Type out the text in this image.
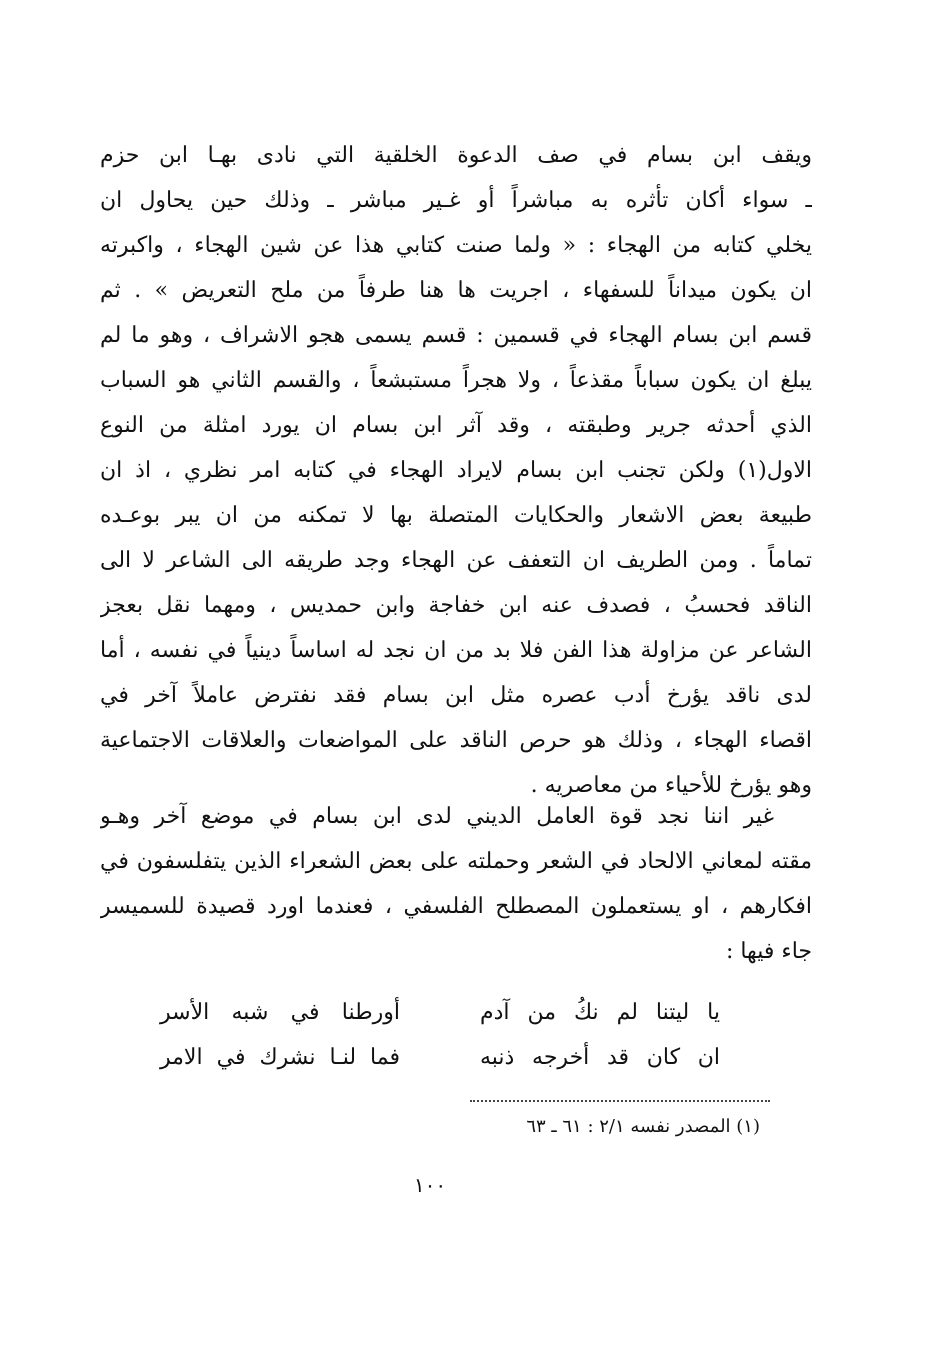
ويقف ابن بسام في صف الدعوة الخلقية التي نادى بهـا ابن حزم
ـ سواء أكان تأثره به مباشراً أو غـير مباشر ـ وذلك حين يحاول ان
يخلي كتابه من الهجاء : « ولما صنت كتابي هذا عن شين الهجاء ، واكبرته
ان يكون ميداناً للسفهاء ، اجريت ها هنا طرفاً من ملح التعريض » . ثم
قسم ابن بسام الهجاء في قسمين : قسم يسمى هجو الاشراف ، وهو ما لم
يبلغ ان يكون سباباً مقذعاً ، ولا هجراً مستبشعاً ، والقسم الثاني هو السباب
الذي أحدثه جرير وطبقته ، وقد آثر ابن بسام ان يورد امثلة من النوع
الاول(١) ولكن تجنب ابن بسام لايراد الهجاء في كتابه امر نظري ، اذ ان
طبيعة بعض الاشعار والحكايات المتصلة بها لا تمكنه من ان يبر بوعـده
تماماً . ومن الطريف ان التعفف عن الهجاء وجد طريقه الى الشاعر لا الى
الناقد فحسبُ ، فصدف عنه ابن خفاجة وابن حمديس ، ومهما نقل بعجز
الشاعر عن مزاولة هذا الفن فلا بد من ان نجد له اساساً دينياً في نفسه ، أما
لدى ناقد يؤرخ أدب عصره مثل ابن بسام فقد نفترض عاملاً آخر في
اقصاء الهجاء ، وذلك هو حرص الناقد على المواضعات والعلاقات الاجتماعية
وهو يؤرخ للأحياء من معاصريه .
غير اننا نجد قوة العامل الديني لدى ابن بسام في موضع آخر وهـو
مقته لمعاني الالحاد في الشعر وحملته على بعض الشعراء الذين يتفلسفون في
افكارهم ، او يستعملون المصطلح الفلسفي ، فعندما اورد قصيدة للسميسر
جاء فيها :
يا ليتنا لم نكُ من آدم
أورطنا في شبه الأسر
ان كان قد أخرجه ذنبه
فما لنـا نشرك في الامر
(١) المصدر نفسه ٢/١ : ٦١ ـ ٦٣
١٠٠
